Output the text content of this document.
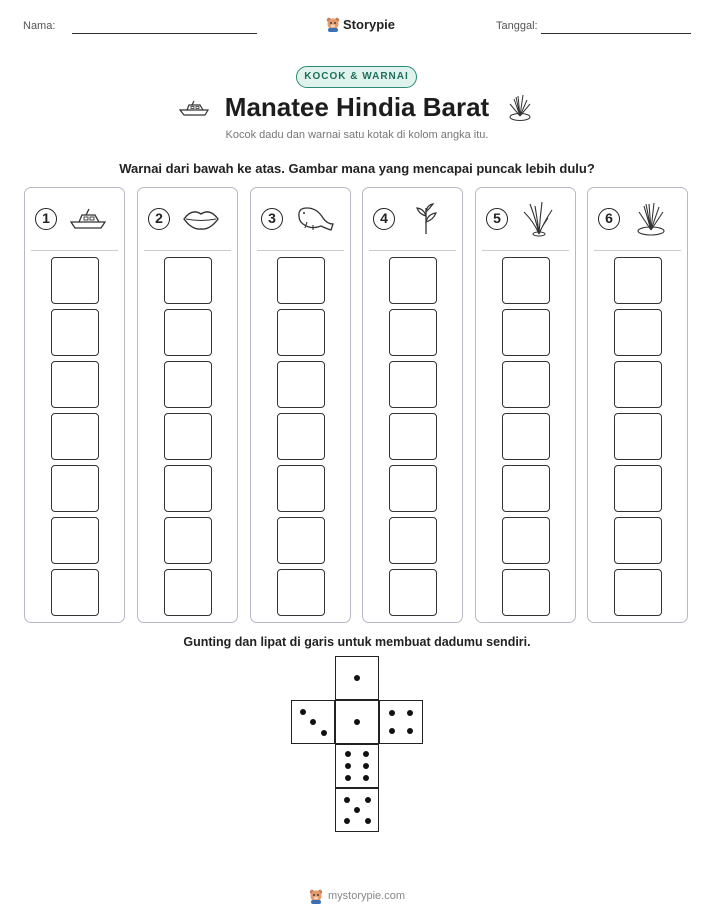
Nama:	Storypie	Tanggal:
KOCOK & WARNAI
Manatee Hindia Barat
Kocok dadu dan warnai satu kotak di kolom angka itu.
Warnai dari bawah ke atas. Gambar mana yang mencapai puncak lebih dulu?
1	2	3	4	5	6
Gunting dan lipat di garis untuk membuat dadumu sendiri.
mystorypie.com
